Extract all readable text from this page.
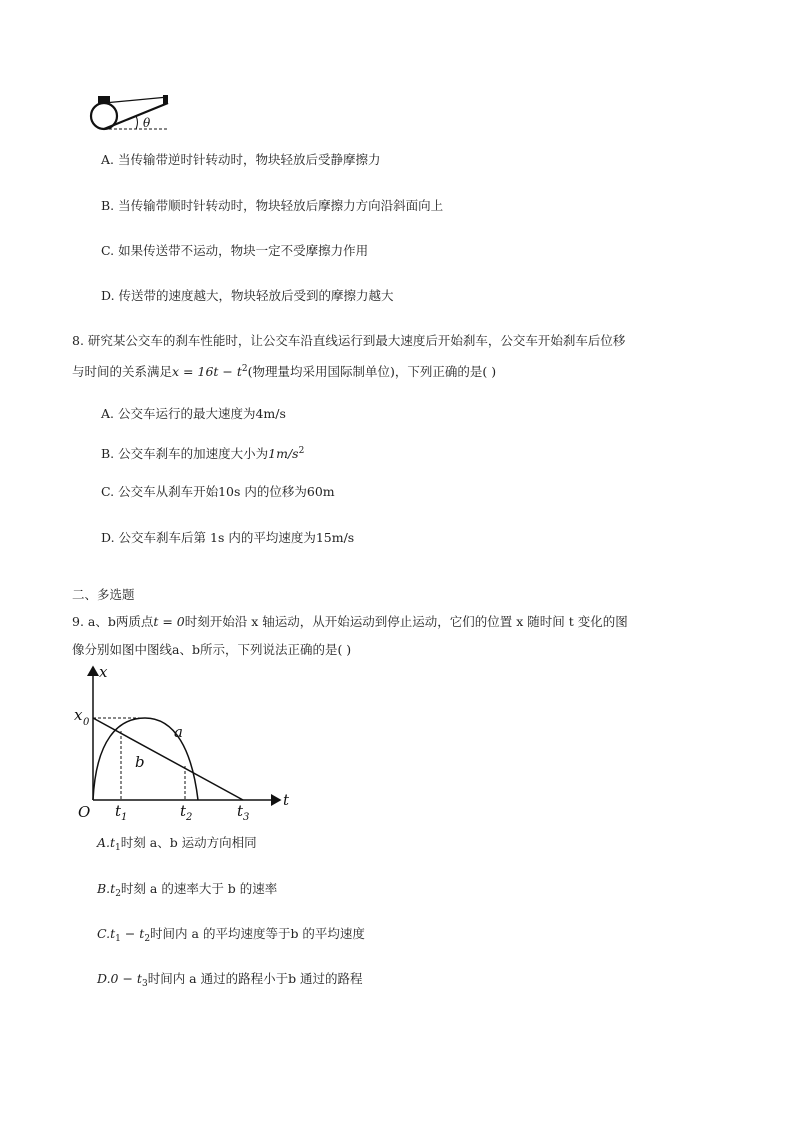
θ
A. 当传输带逆时针转动时，物块轻放后受静摩擦力
B. 当传输带顺时针转动时，物块轻放后摩擦力方向沿斜面向上
C. 如果传送带不运动，物块一定不受摩擦力作用
D. 传送带的速度越大，物块轻放后受到的摩擦力越大
8. 研究某公交车的刹车性能时，让公交车沿直线运行到最大速度后开始刹车，公交车开始刹车后位移
与时间的关系满足$x = 16t - t^2$(物理量均采用国际制单位)，下列正确的是( )
A. 公交车运行的最大速度为4m/s
B. 公交车刹车的加速度大小为$1m/s^2$
C. 公交车从刹车开始10s 内的位移为60m
D. 公交车刹车后第 1s 内的平均速度为15m/s
二、多选题
9. a、b两质点t = 0时刻开始沿 x 轴运动，从开始运动到停止运动，它们的位置 x 随时间 t 变化的图
像分别如图中图线a、b所示，下列说法正确的是( )
x
t
O
x 0
a
b
t 1	t 2	t 3
$A.t_1$时刻 a、b 运动方向相同
$B.t_2$时刻 a 的速率大于 b 的速率
$C.t_1 - t_2$时间内 a 的平均速度等于b 的平均速度
$D.0 - t_3$时间内 a 通过的路程小于b 通过的路程
